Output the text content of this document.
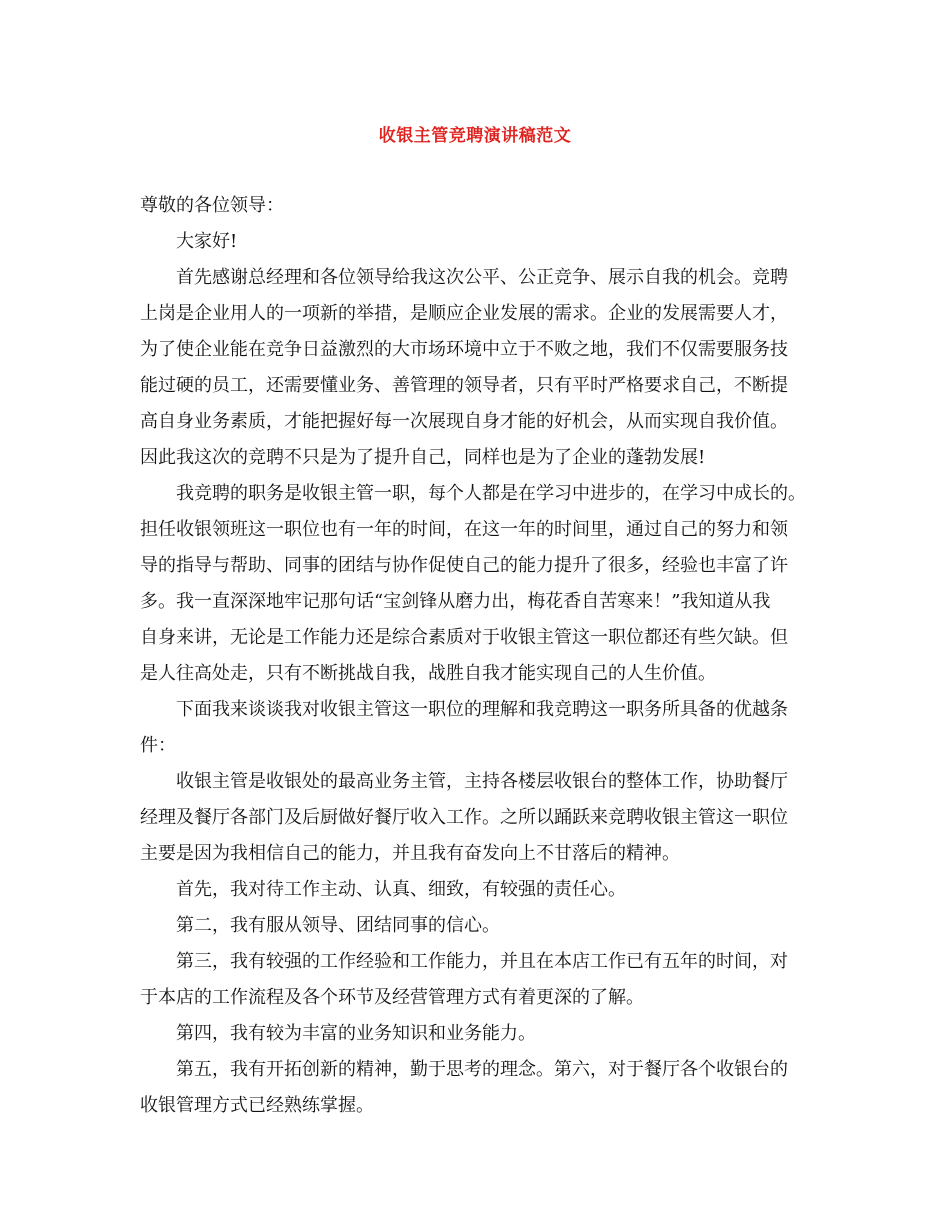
收银主管竞聘演讲稿范文

尊敬的各位领导：

大家好!

首先感谢总经理和各位领导给我这次公平、公正竞争、展示自我的机会。竞聘

上岗是企业用人的一项新的举措，是顺应企业发展的需求。企业的发展需要人才，

为了使企业能在竞争日益激烈的大市场环境中立于不败之地，我们不仅需要服务技

能过硬的员工，还需要懂业务、善管理的领导者，只有平时严格要求自己，不断提

高自身业务素质，才能把握好每一次展现自身才能的好机会，从而实现自我价值。

因此我这次的竞聘不只是为了提升自己，同样也是为了企业的蓬勃发展!

我竞聘的职务是收银主管一职，每个人都是在学习中进步的，在学习中成长的。

担任收银领班这一职位也有一年的时间，在这一年的时间里，通过自己的努力和领

导的指导与帮助、同事的团结与协作促使自己的能力提升了很多，经验也丰富了许

多。我一直深深地牢记那句话“宝剑锋从磨力出，梅花香自苦寒来！”我知道从我

自身来讲，无论是工作能力还是综合素质对于收银主管这一职位都还有些欠缺。但

是人往高处走，只有不断挑战自我，战胜自我才能实现自己的人生价值。

下面我来谈谈我对收银主管这一职位的理解和我竞聘这一职务所具备的优越条

件：

收银主管是收银处的最高业务主管，主持各楼层收银台的整体工作，协助餐厅

经理及餐厅各部门及后厨做好餐厅收入工作。之所以踊跃来竞聘收银主管这一职位

主要是因为我相信自己的能力，并且我有奋发向上不甘落后的精神。

首先，我对待工作主动、认真、细致，有较强的责任心。

第二，我有服从领导、团结同事的信心。

第三，我有较强的工作经验和工作能力，并且在本店工作已有五年的时间，对

于本店的工作流程及各个环节及经营管理方式有着更深的了解。

第四，我有较为丰富的业务知识和业务能力。

第五，我有开拓创新的精神，勤于思考的理念。第六，对于餐厅各个收银台的

收银管理方式已经熟练掌握。
